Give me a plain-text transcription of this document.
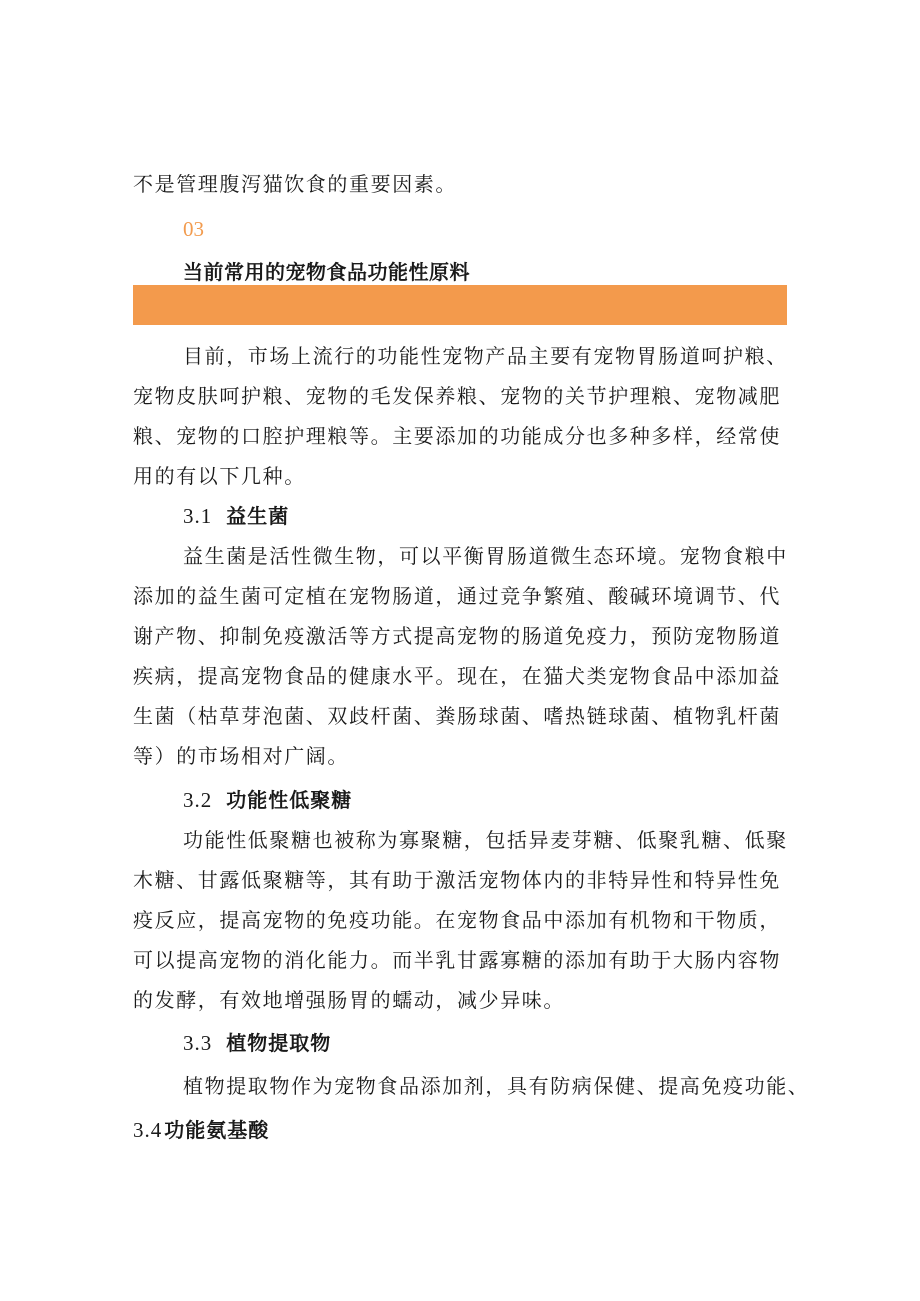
不是管理腹泻猫饮食的重要因素。
03
当前常用的宠物食品功能性原料
目前，市场上流行的功能性宠物产品主要有宠物胃肠道呵护粮、
宠物皮肤呵护粮、宠物的毛发保养粮、宠物的关节护理粮、宠物减肥
粮、宠物的口腔护理粮等。主要添加的功能成分也多种多样，经常使
用的有以下几种。
3.1 益生菌
益生菌是活性微生物，可以平衡胃肠道微生态环境。宠物食粮中
添加的益生菌可定植在宠物肠道，通过竞争繁殖、酸碱环境调节、代
谢产物、抑制免疫激活等方式提高宠物的肠道免疫力，预防宠物肠道
疾病，提高宠物食品的健康水平。现在，在猫犬类宠物食品中添加益
生菌（枯草芽泡菌、双歧杆菌、粪肠球菌、嗜热链球菌、植物乳杆菌
等）的市场相对广阔。
3.2 功能性低聚糖
功能性低聚糖也被称为寡聚糖，包括异麦芽糖、低聚乳糖、低聚
木糖、甘露低聚糖等，其有助于激活宠物体内的非特异性和特异性免
疫反应，提高宠物的免疫功能。在宠物食品中添加有机物和干物质，
可以提高宠物的消化能力。而半乳甘露寡糖的添加有助于大肠内容物
的发酵，有效地增强肠胃的蠕动，减少异味。
3.3 植物提取物
植物提取物作为宠物食品添加剂，具有防病保健、提高免疫功能、
3.4 功能氨基酸
